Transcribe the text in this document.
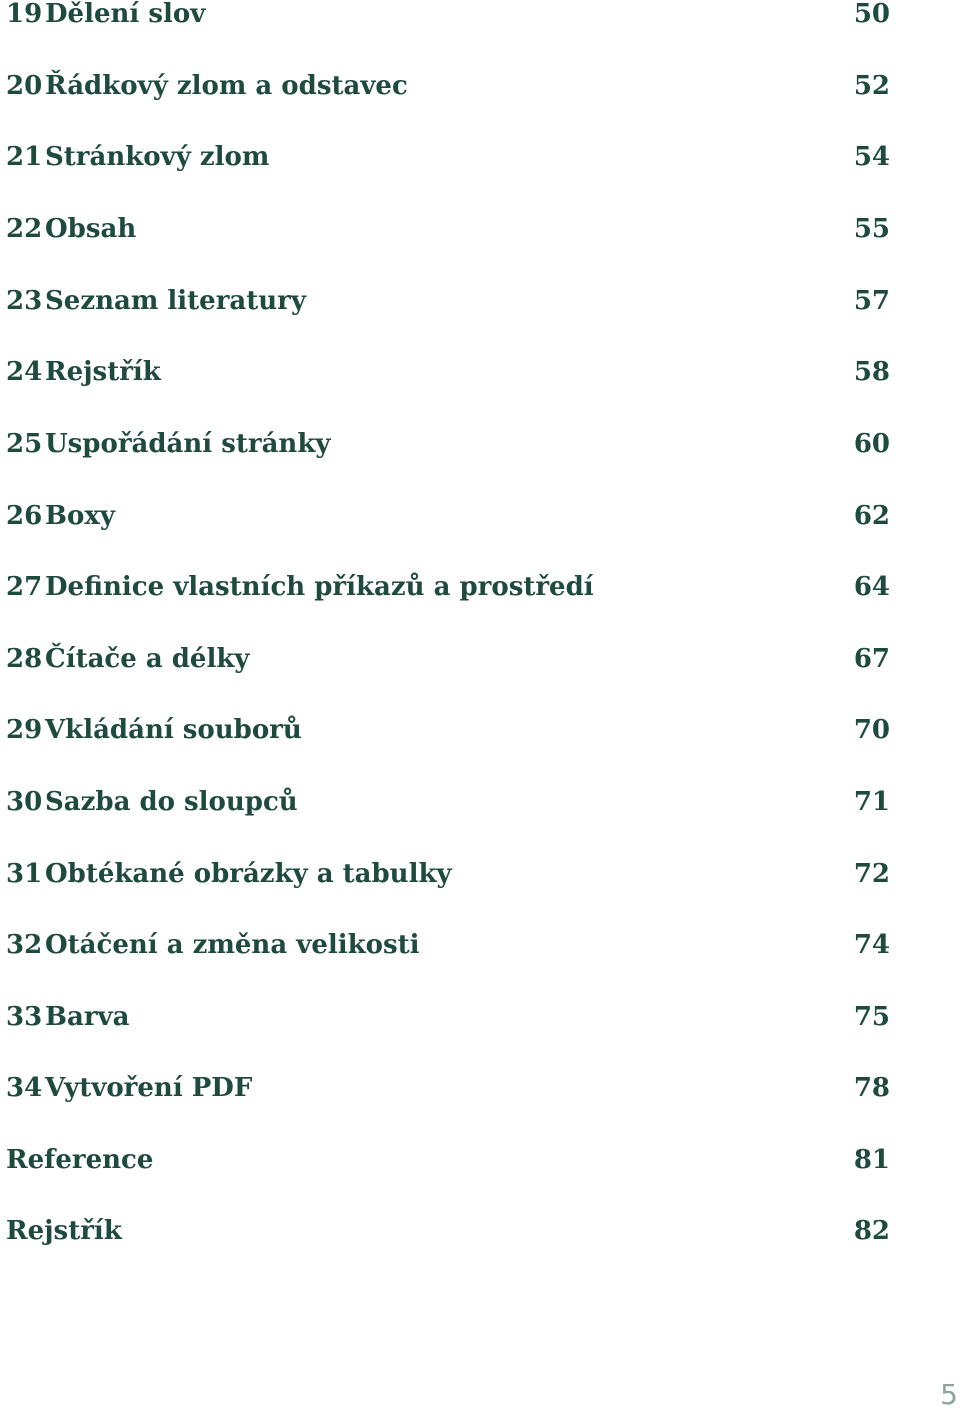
19 Dělení slov	50
20 Řádkový zlom a odstavec	52
21 Stránkový zlom	54
22 Obsah	55
23 Seznam literatury	57
24 Rejstřík	58
25 Uspořádání stránky	60
26 Boxy	62
27 Definice vlastních příkazů a prostředí	64
28 Čítače a délky	67
29 Vkládání souborů	70
30 Sazba do sloupců	71
31 Obtékané obrázky a tabulky	72
32 Otáčení a změna velikosti	74
33 Barva	75
34 Vytvoření PDF	78
Reference	81
Rejstřík	82
5
